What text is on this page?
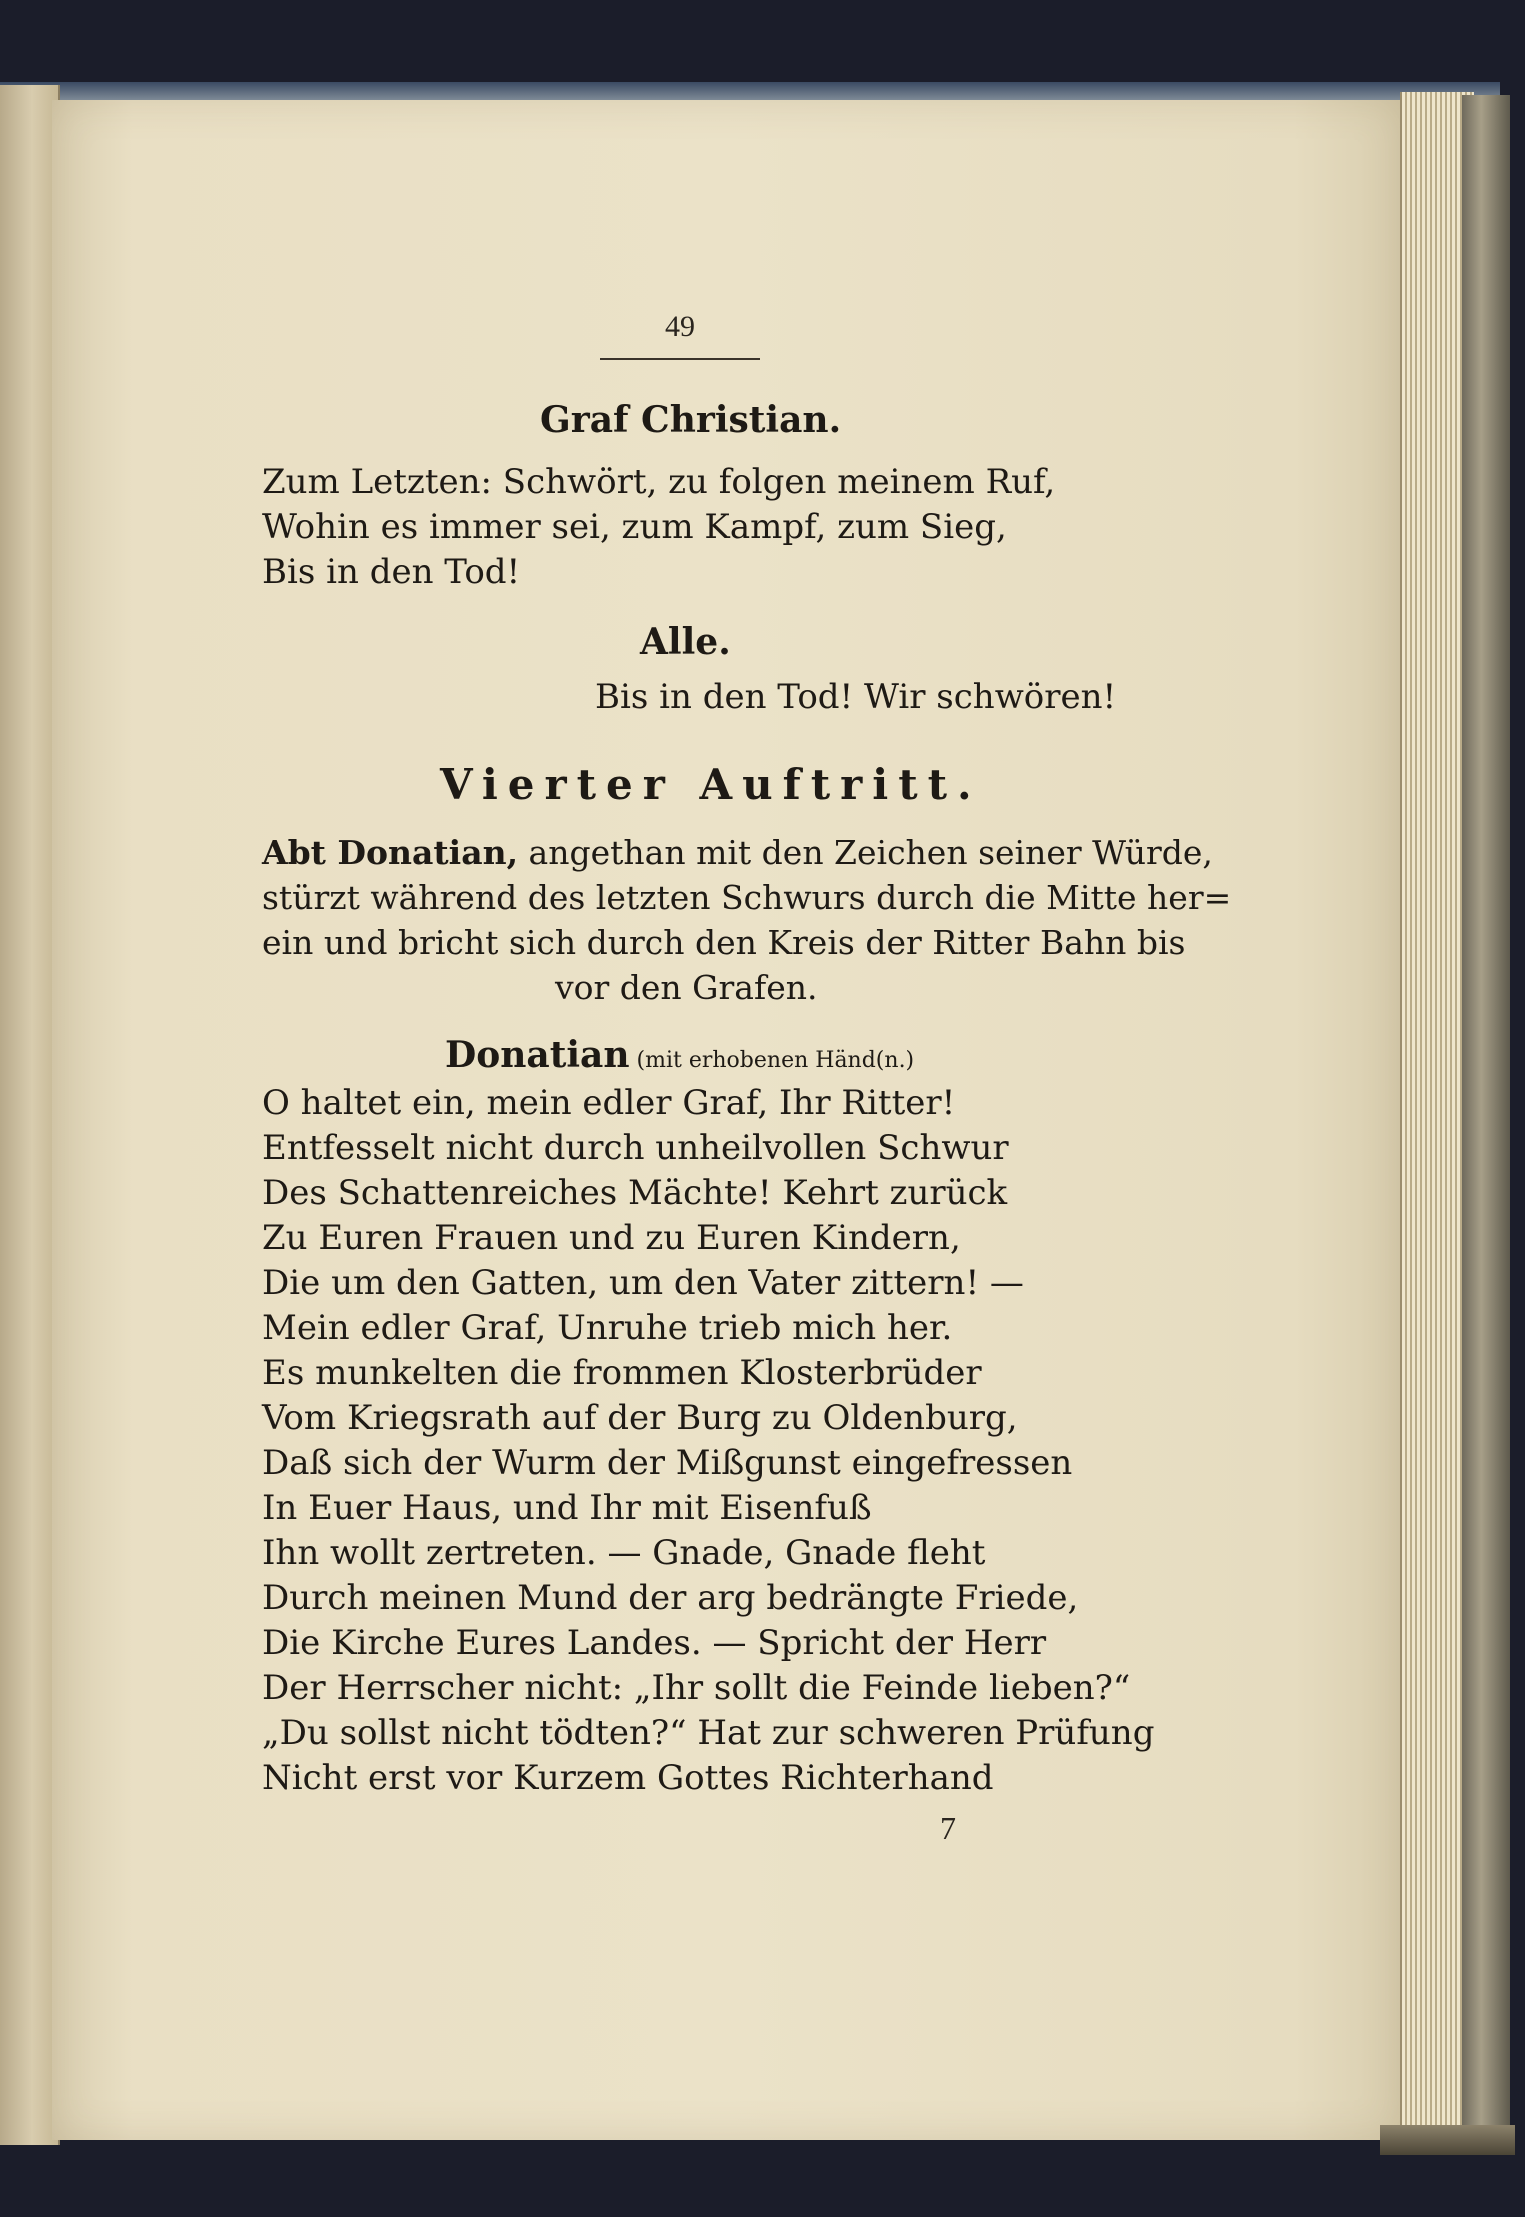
49
Graf Christian.
Zum Letzten: Schwört, zu folgen meinem Ruf,
Wohin es immer sei, zum Kampf, zum Sieg,
Bis in den Tod!
Alle.
Bis in den Tod! Wir schwören!
Vierter Auftritt.
Abt Donatian, angethan mit den Zeichen seiner Würde,
stürzt während des letzten Schwurs durch die Mitte her=
ein und bricht sich durch den Kreis der Ritter Bahn bis
vor den Grafen.
Donatian (mit erhobenen Händ(n.)
O haltet ein, mein edler Graf, Ihr Ritter!
Entfesselt nicht durch unheilvollen Schwur
Des Schattenreiches Mächte! Kehrt zurück
Zu Euren Frauen und zu Euren Kindern,
Die um den Gatten, um den Vater zittern! —
Mein edler Graf, Unruhe trieb mich her.
Es munkelten die frommen Klosterbrüder
Vom Kriegsrath auf der Burg zu Oldenburg,
Daß sich der Wurm der Mißgunst eingefressen
In Euer Haus, und Ihr mit Eisenfuß
Ihn wollt zertreten. — Gnade, Gnade fleht
Durch meinen Mund der arg bedrängte Friede,
Die Kirche Eures Landes. — Spricht der Herr
Der Herrscher nicht: „Ihr sollt die Feinde lieben?“
„Du sollst nicht tödten?“ Hat zur schweren Prüfung
Nicht erst vor Kurzem Gottes Richterhand
7
